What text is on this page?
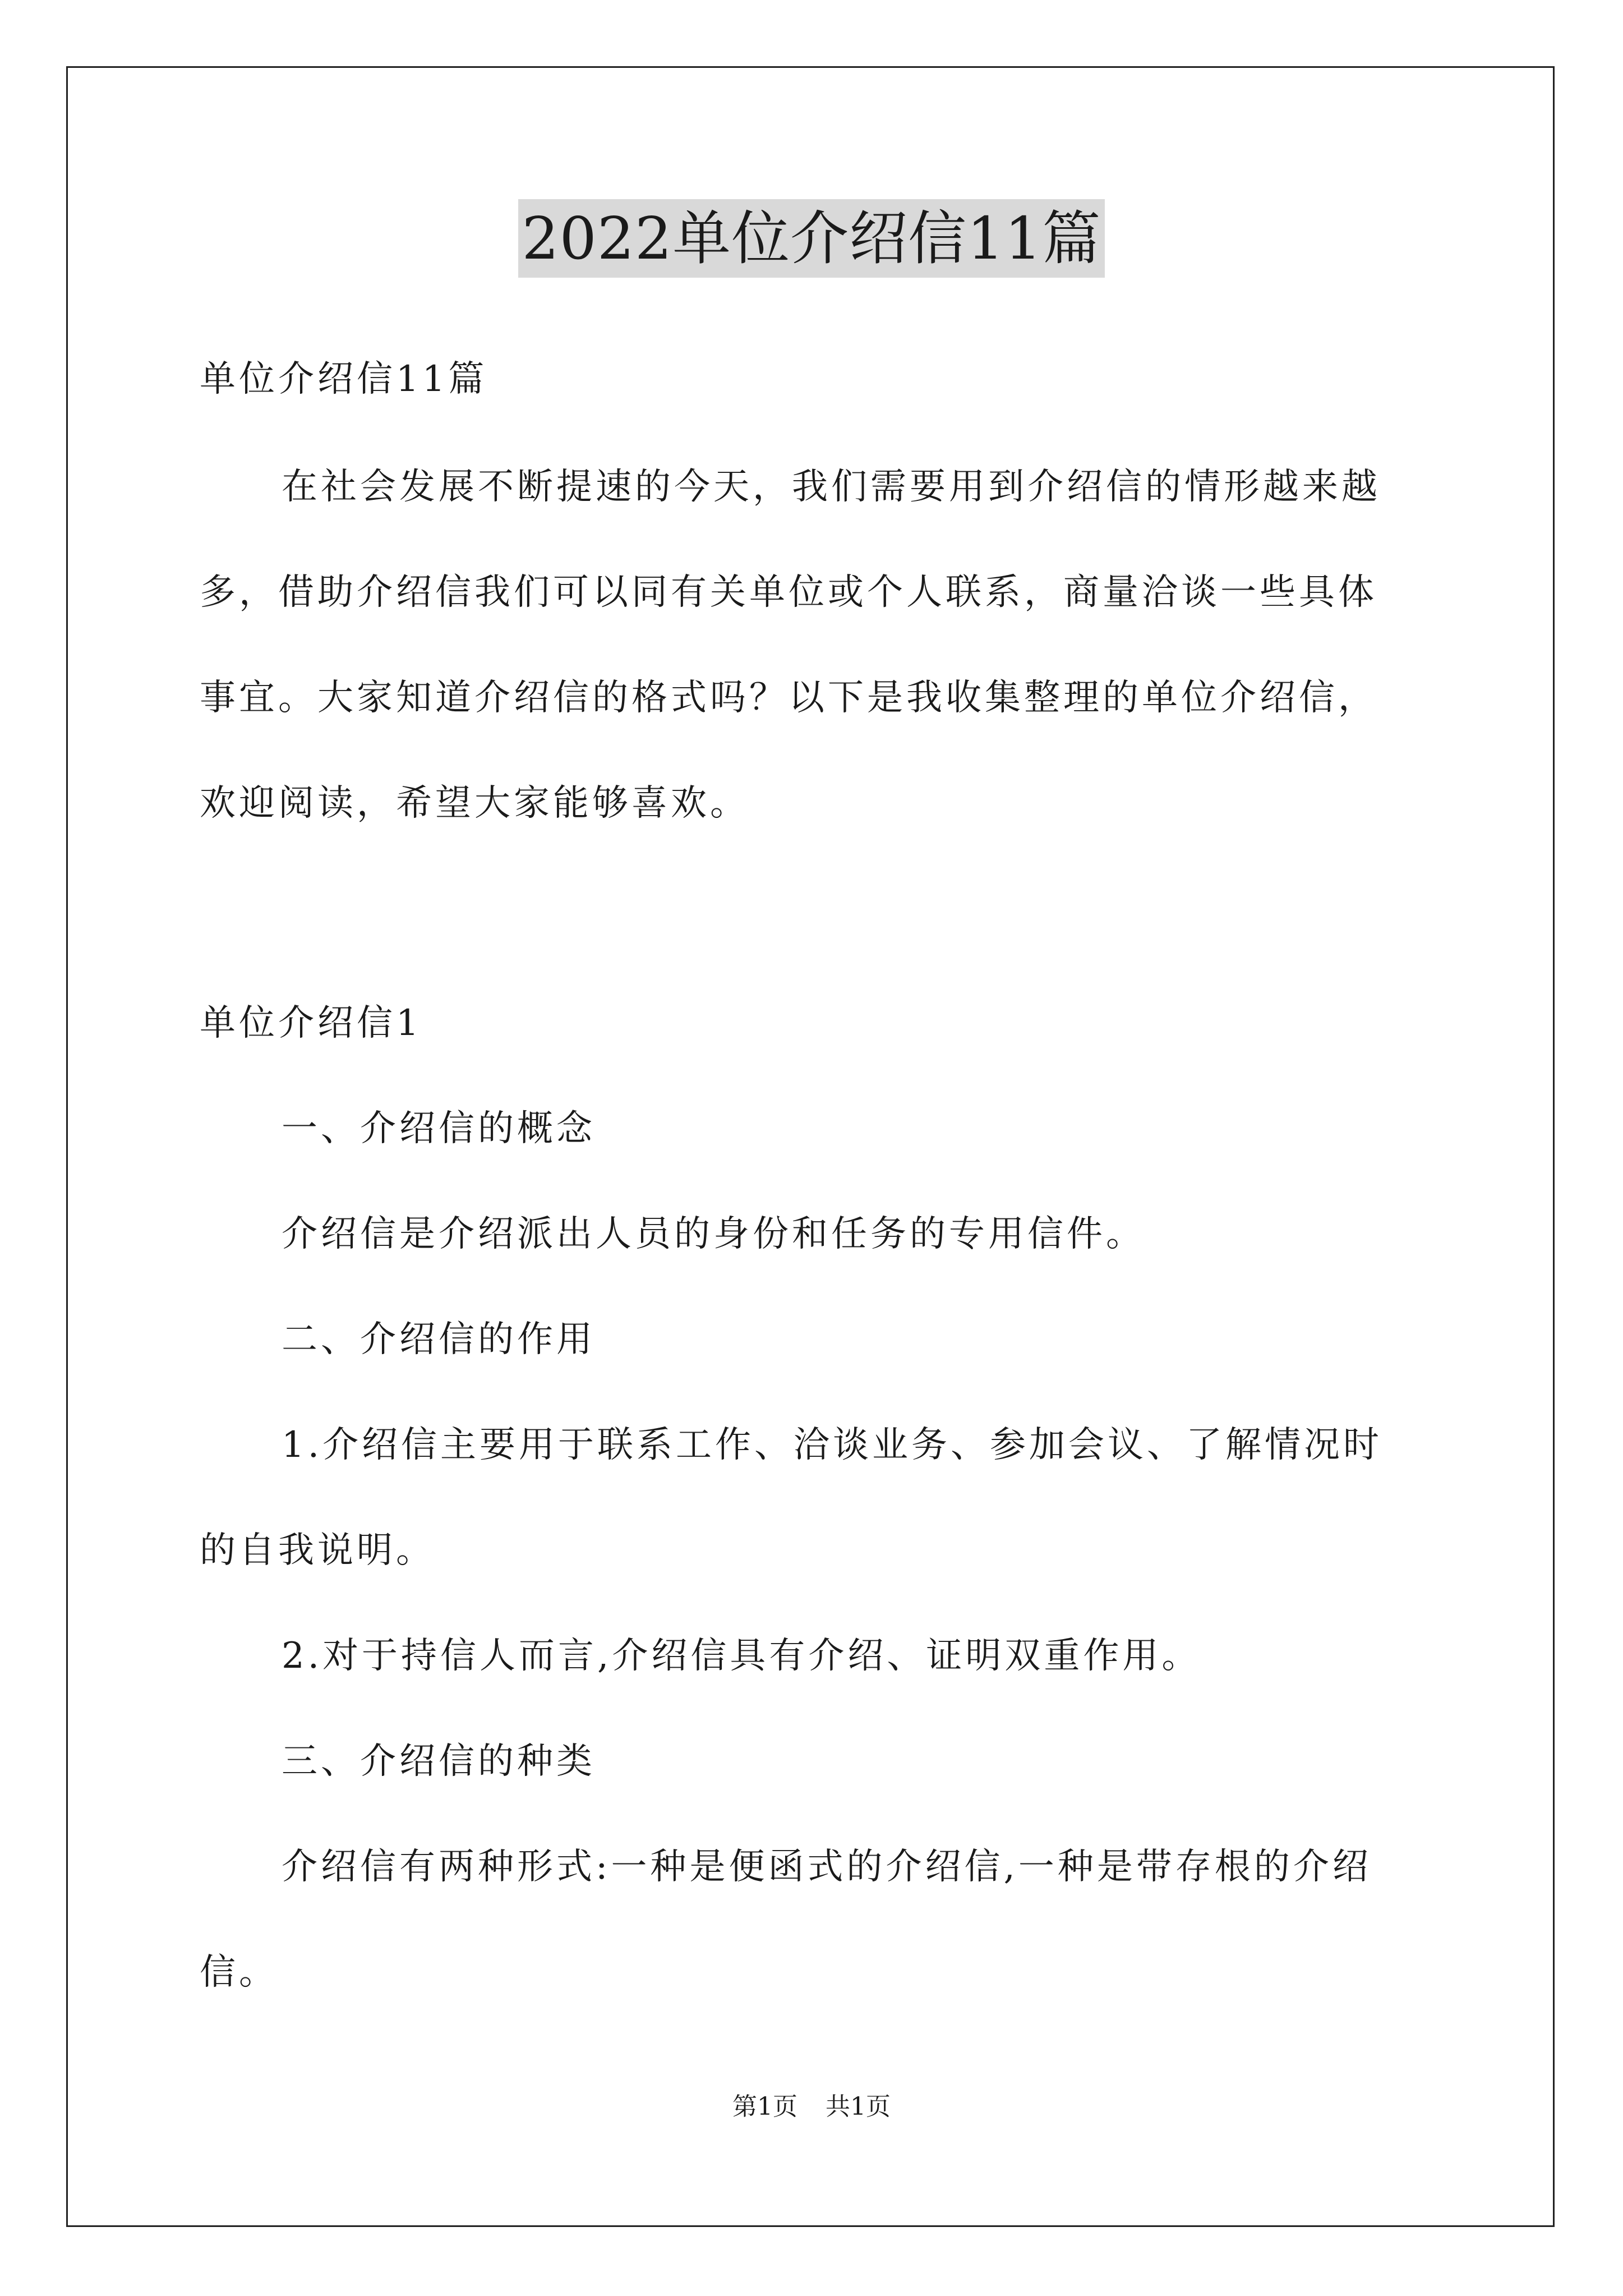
2022单位介绍信11篇
单位介绍信11篇
在社会发展不断提速的今天，我们需要用到介绍信的情形越来越
多，借助介绍信我们可以同有关单位或个人联系，商量洽谈一些具体
事宜。大家知道介绍信的格式吗？以下是我收集整理的单位介绍信，
欢迎阅读，希望大家能够喜欢。
单位介绍信1
一、介绍信的概念
介绍信是介绍派出人员的身份和任务的专用信件。
二、介绍信的作用
1.介绍信主要用于联系工作、洽谈业务、参加会议、了解情况时
的自我说明。
2.对于持信人而言,介绍信具有介绍、证明双重作用。
三、介绍信的种类
介绍信有两种形式:一种是便函式的介绍信,一种是带存根的介绍
信。
第1页 共1页
